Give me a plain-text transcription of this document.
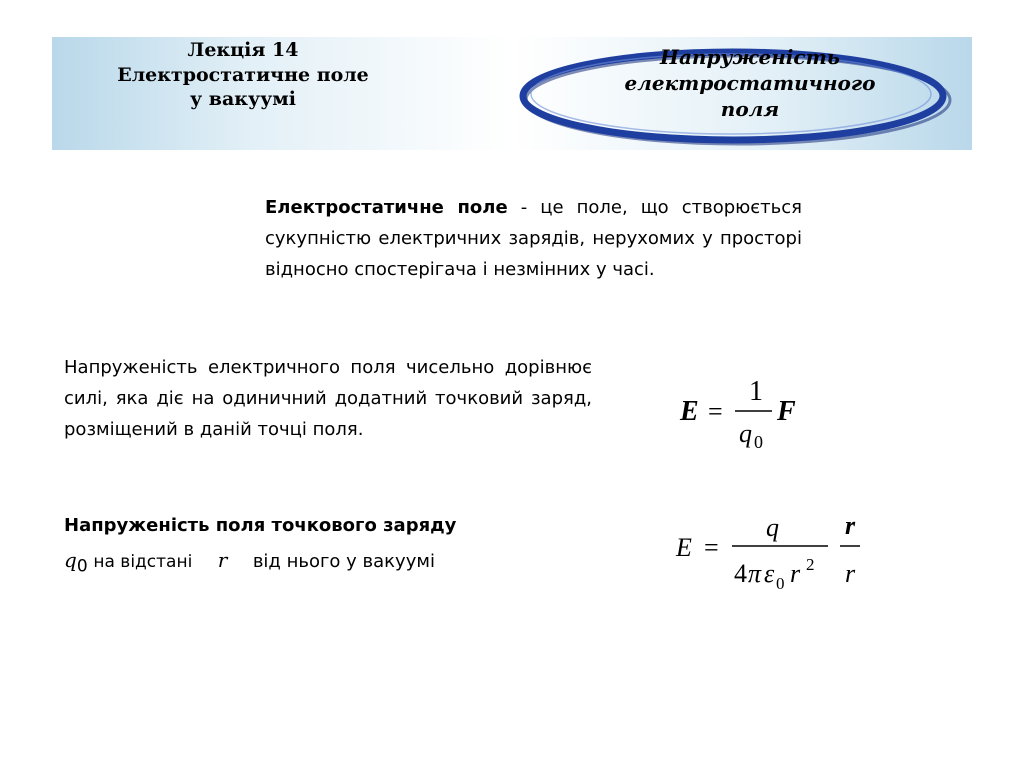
Лекція 14
Електростатичне поле
у вакуумі
Напруженість
електростатичного
поля
Електростатичне поле - це поле, що створюється сукупністю електричних зарядів, нерухомих у просторі відносно спостерігача і незмінних у часі.
Напруженість електричного поля чисельно дорівнює силі, яка діє на одиничний додатний точковий заряд, розміщений в даній точці поля.
E =
1
q 0
F
Напруженість поля точкового заряду
$q_0$ на відстані r від нього у вакуумі	E =
q
4 π ε 0 r 2
r
r
